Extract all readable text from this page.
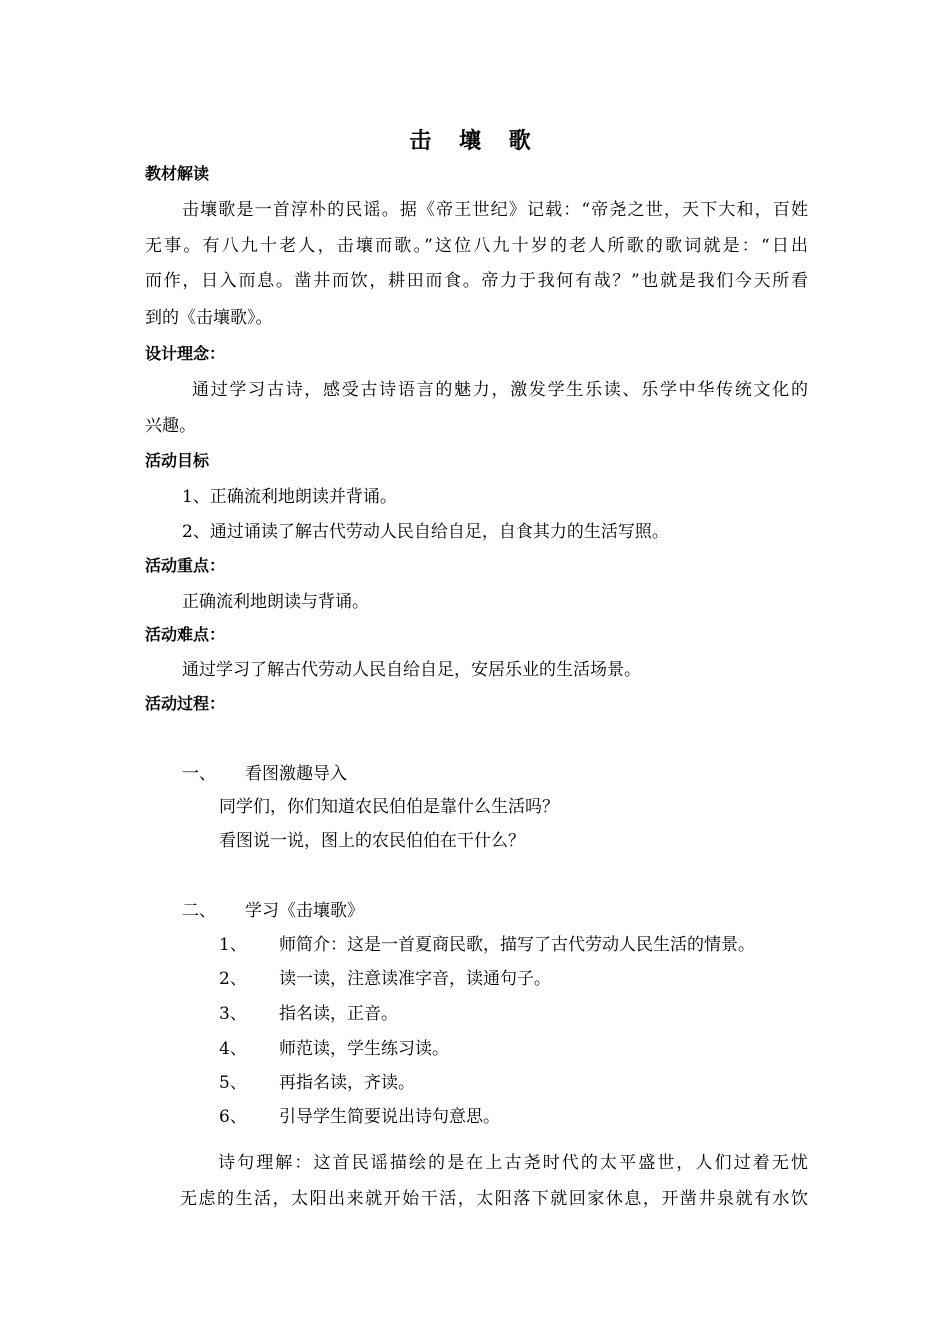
击 壤 歌
教材解读
击壤歌是一首淳朴的民谣。据《帝王世纪》记载：“帝尧之世，天下大和，百姓
无事。有八九十老人，击壤而歌。”这位八九十岁的老人所歌的歌词就是：“日出
而作，日入而息。凿井而饮，耕田而食。帝力于我何有哉？”也就是我们今天所看
到的《击壤歌》。
设计理念：
通过学习古诗，感受古诗语言的魅力，激发学生乐读、乐学中华传统文化的
兴趣。
活动目标
1、正确流利地朗读并背诵。
2、通过诵读了解古代劳动人民自给自足，自食其力的生活写照。
活动重点：
正确流利地朗读与背诵。
活动难点：
通过学习了解古代劳动人民自给自足，安居乐业的生活场景。
活动过程：
一、 看图激趣导入
同学们，你们知道农民伯伯是靠什么生活吗？
看图说一说，图上的农民伯伯在干什么？
二、 学习《击壤歌》
1、 师简介：这是一首夏商民歌，描写了古代劳动人民生活的情景。
2、 读一读，注意读准字音，读通句子。
3、 指名读，正音。
4、 师范读，学生练习读。
5、 再指名读，齐读。
6、 引导学生简要说出诗句意思。
诗句理解：这首民谣描绘的是在上古尧时代的太平盛世，人们过着无忧
无虑的生活，太阳出来就开始干活，太阳落下就回家休息，开凿井泉就有水饮
